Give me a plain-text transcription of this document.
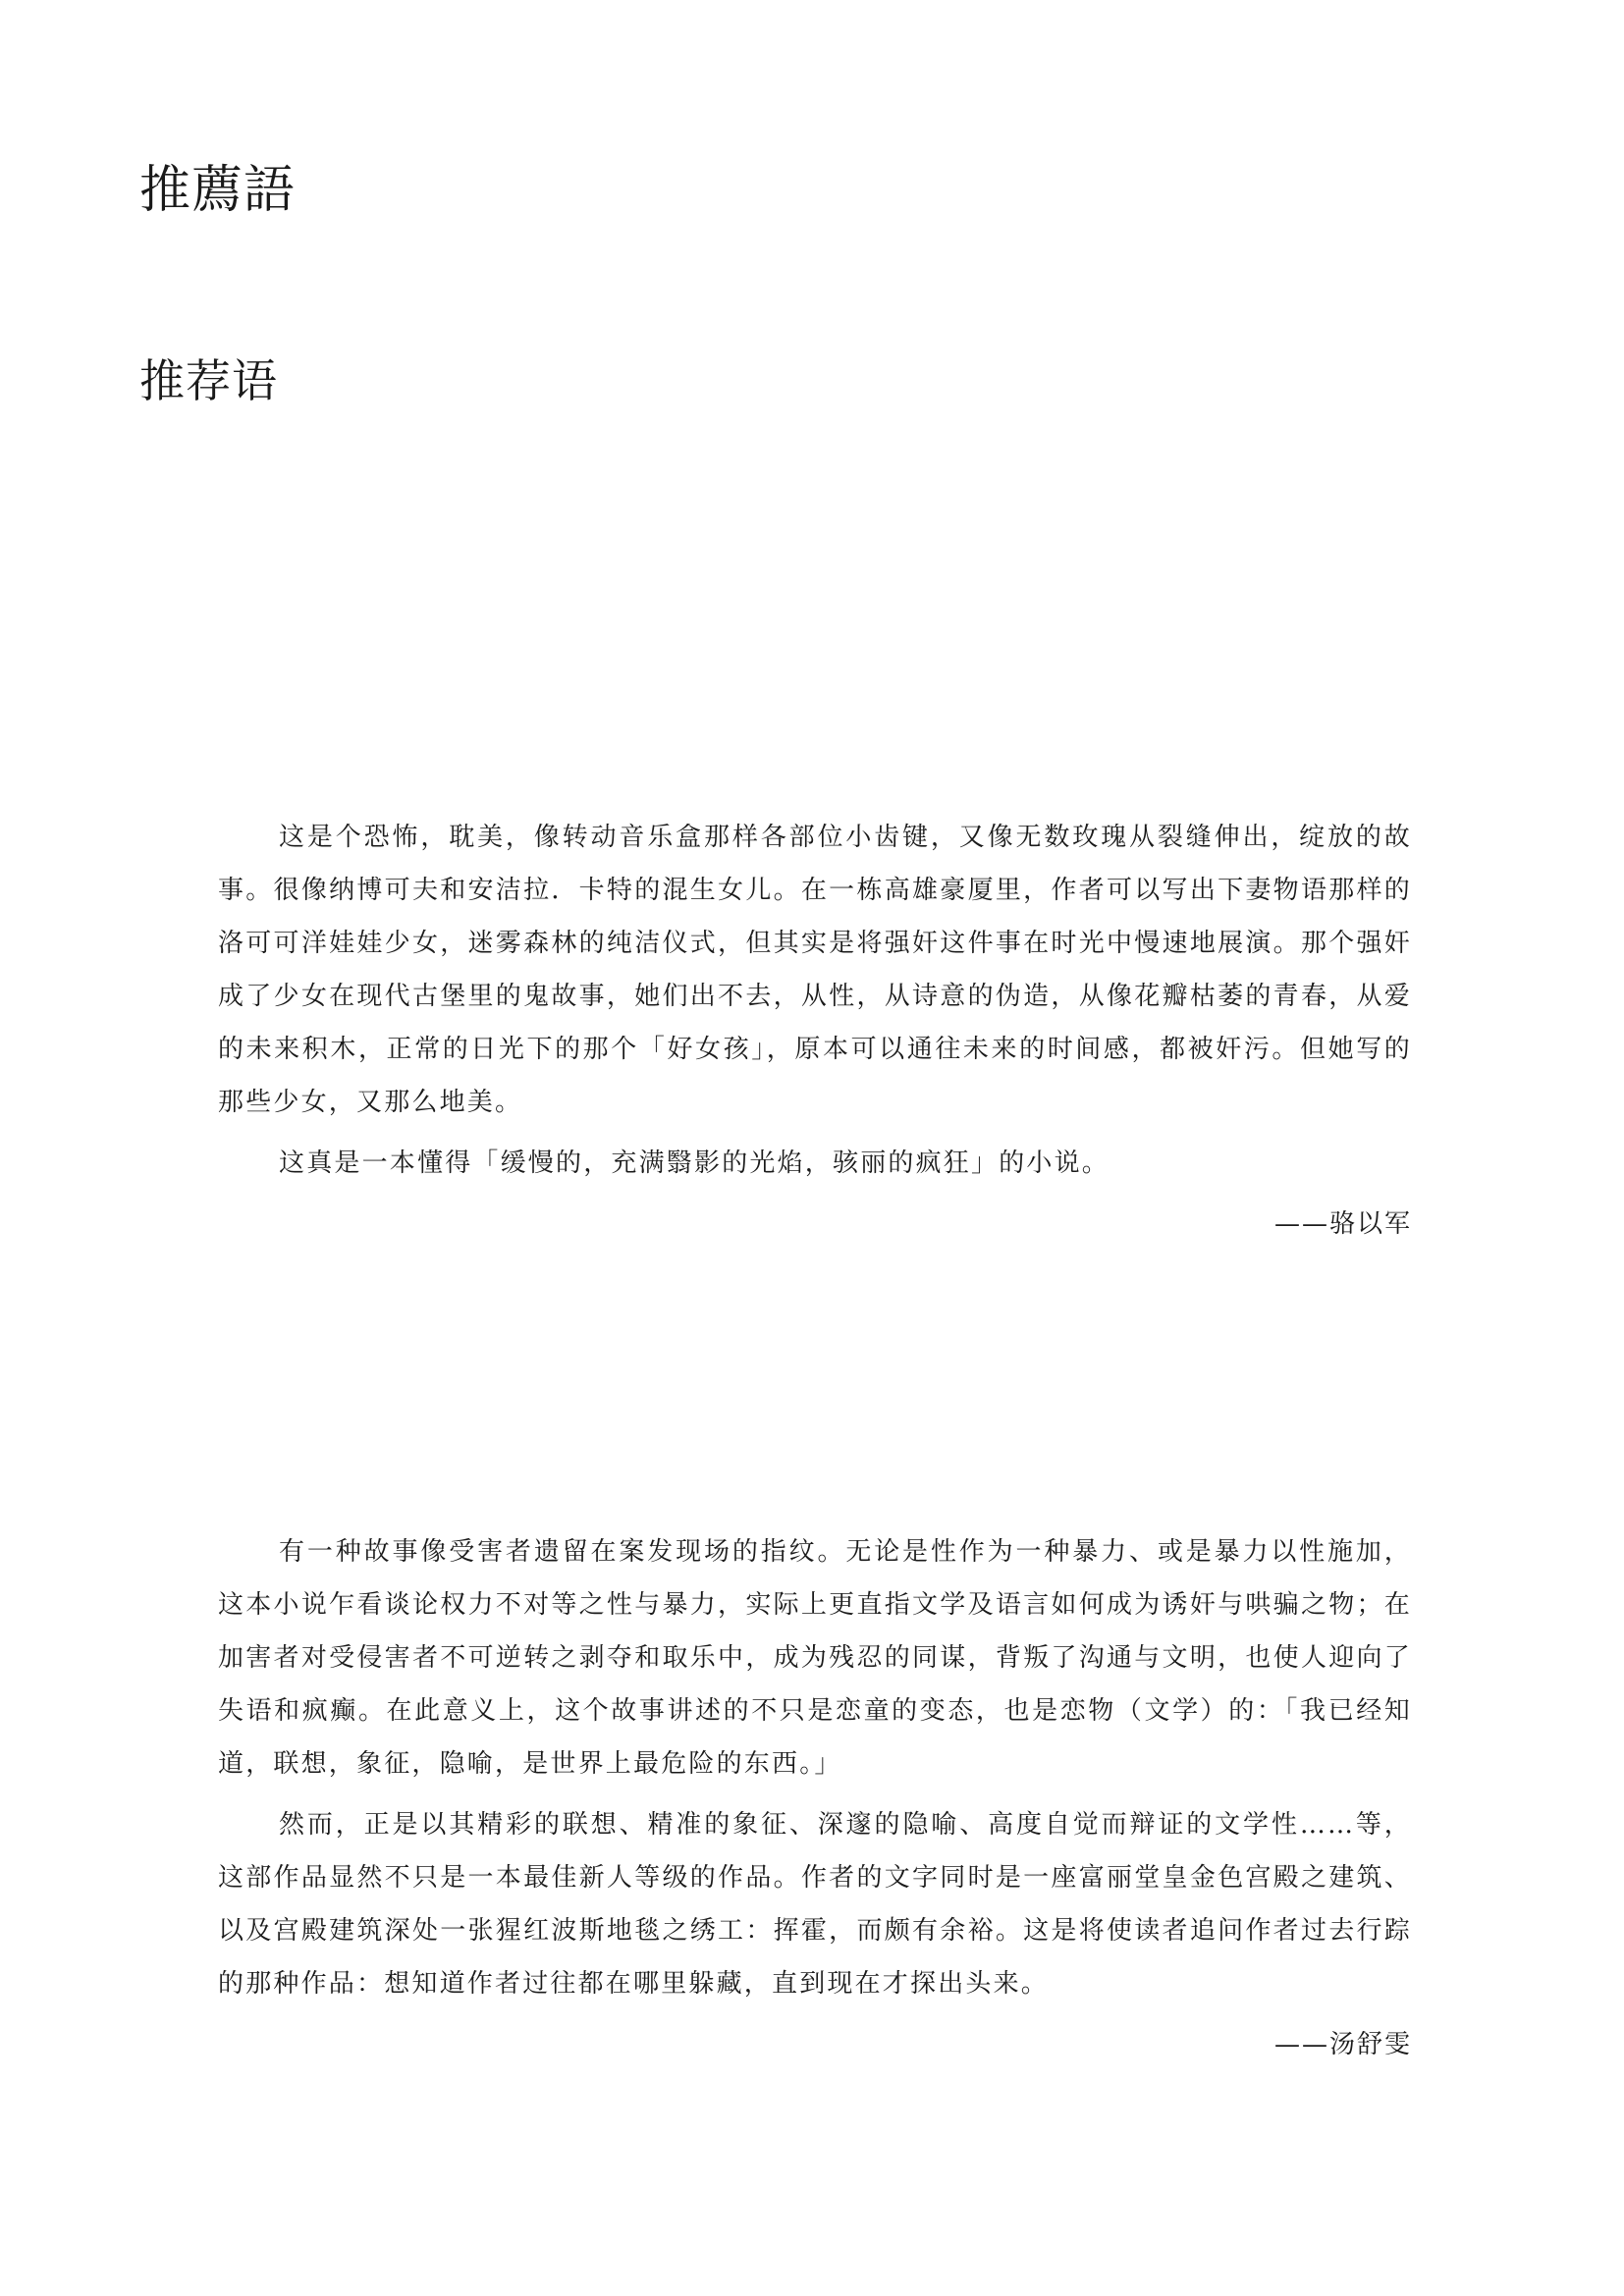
推薦語
推荐语

这是个恐怖，耽美，像转动音乐盒那样各部位小齿键，又像无数玫瑰从裂缝伸出，绽放的故事。很像纳博可夫和安洁拉．卡特的混生女儿。在一栋高雄豪厦里，作者可以写出下妻物语那样的洛可可洋娃娃少女，迷雾森林的纯洁仪式，但其实是将强奸这件事在时光中慢速地展演。那个强奸成了少女在现代古堡里的鬼故事，她们出不去，从性，从诗意的伪造，从像花瓣枯萎的青春，从爱的未来积木，正常的日光下的那个「好女孩」，原本可以通往未来的时间感，都被奸污。但她写的那些少女，又那么地美。

这真是一本懂得「缓慢的，充满翳影的光焰，骇丽的疯狂」的小说。

——骆以军

有一种故事像受害者遗留在案发现场的指纹。无论是性作为一种暴力、或是暴力以性施加，这本小说乍看谈论权力不对等之性与暴力，实际上更直指文学及语言如何成为诱奸与哄骗之物；在加害者对受侵害者不可逆转之剥夺和取乐中，成为残忍的同谋，背叛了沟通与文明，也使人迎向了失语和疯癫。在此意义上，这个故事讲述的不只是恋童的变态，也是恋物（文学）的：「我已经知道，联想，象征，隐喻，是世界上最危险的东西。」

然而，正是以其精彩的联想、精准的象征、深邃的隐喻、高度自觉而辩证的文学性……等，这部作品显然不只是一本最佳新人等级的作品。作者的文字同时是一座富丽堂皇金色宫殿之建筑、以及宫殿建筑深处一张猩红波斯地毯之绣工：挥霍，而颇有余裕。这是将使读者追问作者过去行踪的那种作品：想知道作者过往都在哪里躲藏，直到现在才探出头来。

——汤舒雯
